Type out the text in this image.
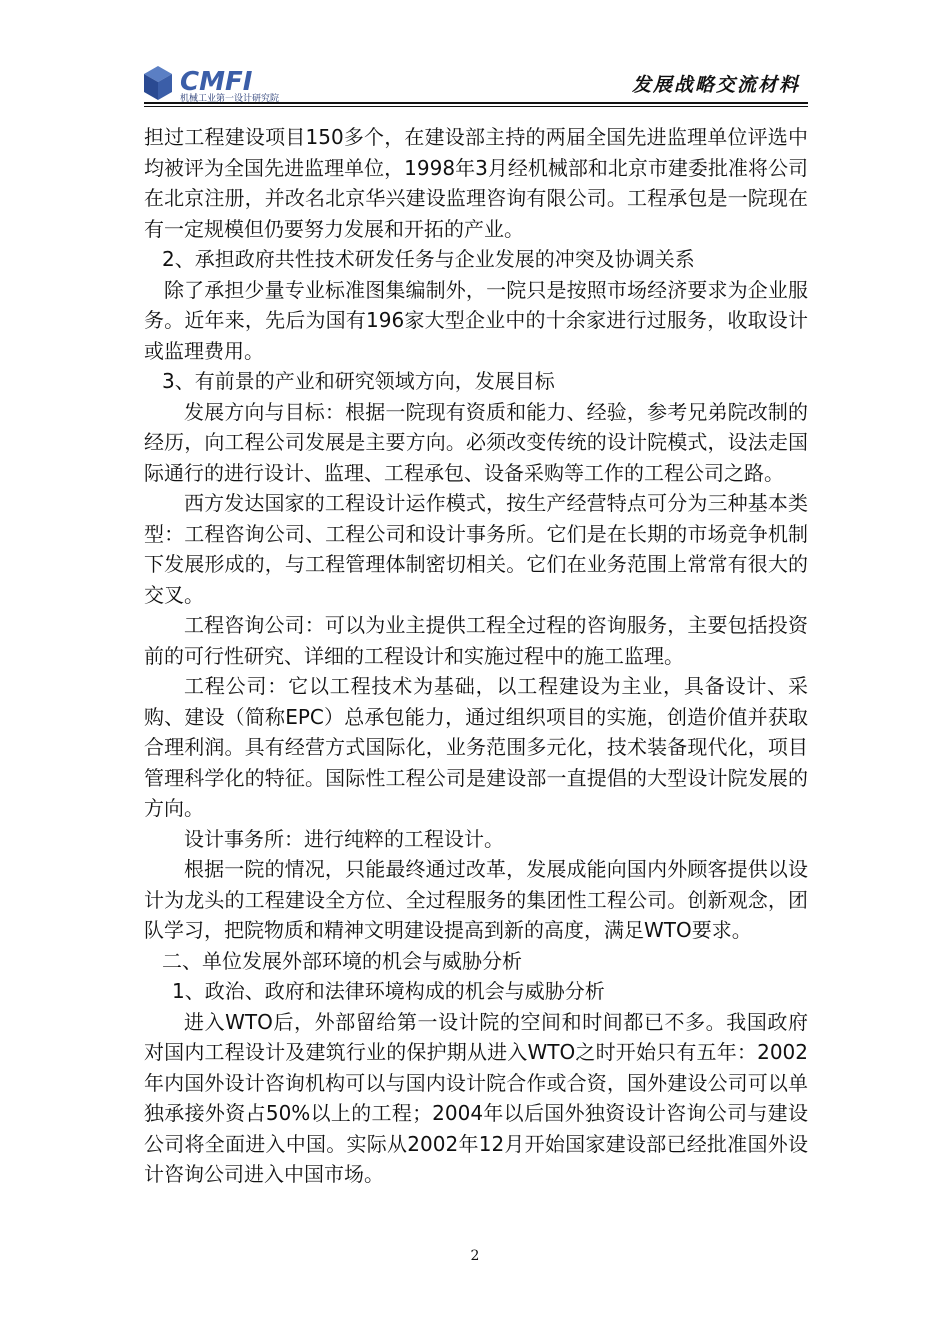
CMFI
机械工业第一设计研究院
发展战略交流材料

担过工程建设项目150多个，在建设部主持的两届全国先进监理单位评选中均被评为全国先进监理单位，1998年3月经机械部和北京市建委批准将公司在北京注册，并改名北京华兴建设监理咨询有限公司。工程承包是一院现在有一定规模但仍要努力发展和开拓的产业。

2、承担政府共性技术研发任务与企业发展的冲突及协调关系

除了承担少量专业标准图集编制外，一院只是按照市场经济要求为企业服务。近年来，先后为国有196家大型企业中的十余家进行过服务，收取设计或监理费用。

3、有前景的产业和研究领域方向，发展目标

发展方向与目标：根据一院现有资质和能力、经验，参考兄弟院改制的经历，向工程公司发展是主要方向。必须改变传统的设计院模式，设法走国际通行的进行设计、监理、工程承包、设备采购等工作的工程公司之路。

西方发达国家的工程设计运作模式，按生产经营特点可分为三种基本类型：工程咨询公司、工程公司和设计事务所。它们是在长期的市场竞争机制下发展形成的，与工程管理体制密切相关。它们在业务范围上常常有很大的交叉。

工程咨询公司：可以为业主提供工程全过程的咨询服务，主要包括投资前的可行性研究、详细的工程设计和实施过程中的施工监理。

工程公司：它以工程技术为基础，以工程建设为主业，具备设计、采购、建设（简称EPC）总承包能力，通过组织项目的实施，创造价值并获取合理利润。具有经营方式国际化，业务范围多元化，技术装备现代化，项目管理科学化的特征。国际性工程公司是建设部一直提倡的大型设计院发展的方向。

设计事务所：进行纯粹的工程设计。

根据一院的情况，只能最终通过改革，发展成能向国内外顾客提供以设计为龙头的工程建设全方位、全过程服务的集团性工程公司。创新观念，团队学习，把院物质和精神文明建设提高到新的高度，满足WTO要求。

二、单位发展外部环境的机会与威胁分析

1、政治、政府和法律环境构成的机会与威胁分析

进入WTO后，外部留给第一设计院的空间和时间都已不多。我国政府对国内工程设计及建筑行业的保护期从进入WTO之时开始只有五年：2002年内国外设计咨询机构可以与国内设计院合作或合资，国外建设公司可以单独承接外资占50%以上的工程；2004年以后国外独资设计咨询公司与建设公司将全面进入中国。实际从2002年12月开始国家建设部已经批准国外设计咨询公司进入中国市场。

2
